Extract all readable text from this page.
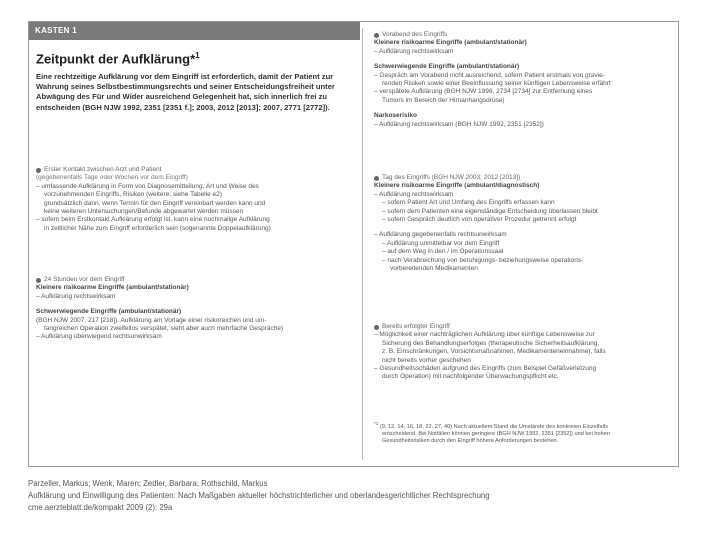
KASTEN 1
Zeitpunkt der Aufklärung*$^1$
Eine rechtzeitige Aufklärung vor dem Eingriff ist erforderlich, damit der Patient zur Wahrung seines Selbstbestimmungsrechts und seiner Entscheidungsfreiheit unter Abwägung des Für und Wider ausreichend Gelegenheit hat, sich innerlich frei zu entscheiden (BGH NJW 1992, 2351 [2351 f.]; 2003, 2012 [2013]; 2007, 2771 [2772]).

Erster Kontakt zwischen Arzt und Patient

(gegebenenfalls Tage oder Wochen vor dem Eingriff)

– umfassende Aufklärung in Form von Diagnosemitteilung, Art und Weise des

vorzunehmenden Eingriffs, Risiken (weitere, siehe Tabelle e2)

grundsätzlich dann, wenn Termin für den Eingriff vereinbart werden kann und

keine weiteren Untersuchungen/Befunde abgewartet werden müssen

– sofern beim Erstkontakt Aufklärung erfolgt ist, kann eine nochmalige Aufklärung

in zeitlicher Nähe zum Eingriff erforderlich sein (sogenannte Doppelaufklärung)

24 Stunden vor dem Eingriff

Kleinere risikoarme Eingriffe (ambulant/stationär)

– Aufklärung rechtswirksam

Schwerwiegende Eingriffe (ambulant/stationär)

(BGH NJW 2007, 217 [218]). Aufklärung am Vorlage einer risikoreichen und um-

fangreichen Operation zweifellos verspätet, sieht aber auch mehrfache Gespräche)

– Aufklärung überwiegend rechtsunwirksam

Vorabend des Eingriffs

Kleinere risikoarme Eingriffe (ambulant/stationär)

– Aufklärung rechtswirksam

Schwerwiegende Eingriffe (ambulant/stationär)

– Gespräch am Vorabend nicht ausreichend, sofern Patient erstmals von gravie-

renden Risiken sowie einer Beeinflussung seiner künftigen Lebensweise erfährt

– verspätete Aufklärung (BGH NJW 1998, 2734 [2734] zur Entfernung eines

Tumors im Bereich der Hirnanhangsdrüse)

Narkoserisiko

– Aufklärung rechtswirksam (BGH NJW 1992, 2351 [2352])

Tag des Eingriffs (BGH NJW 2003; 2012 [2013])

Kleinere risikoarme Eingriffe (ambulant/diagnostisch)

– Aufklärung rechtswirksam

– sofern Patient Art und Umfang des Eingriffs erfassen kann

– sofern dem Patienten eine eigenständige Entscheidung überlassen bleibt

– sofern Gespräch deutlich von operativer Prozedur getrennt erfolgt

– Aufklärung gegebenenfalls rechtsunwirksam

– Aufklärung unmittelbar vor dem Eingriff

– auf dem Weg in den / im Operationssaal

– nach Verabreichung von beruhigungs- beziehungsweise operations-

vorbereitenden Medikamenten

Bereits erfolgter Eingriff

– Möglichkeit einer nachträglichen Aufklärung über künftige Lebensweise zur

Sicherung des Behandlungserfolges (therapeutische Sicherheitsaufklärung,

z. B. Einschränkungen, Vorsichtsmaßnahmen, Medikamenteneinnahme), falls

nicht bereits vorher geschehen

– Gesundheitsschäden aufgrund des Eingriffs (zum Beispiel Gefäßverletzung

durch Operation) mit nachfolgender Überwachungspflicht etc.

$^{*1}$ (9, 12, 14, 16, 18, 22, 27, 40) Nach aktuellem Stand die Umstände des konkreten Einzelfalls

entscheidend. Bei Notfällen können geringere (BGH NJW 1992, 2351 [2352]) und bei hohen

Gesundheitsrisiken durch den Eingriff höhere Anforderungen bestehen.

Parzeller, Markus; Wenk, Maren; Zedler, Barbara; Rothschild, Markus
Aufklärung und Einwilligung des Patienten: Nach Maßgaben aktueller höchstrichterlicher und oberlandesgerichtlicher Rechtsprechung
cme.aerzteblatt.de/kompakt 2009 (2): 29a
